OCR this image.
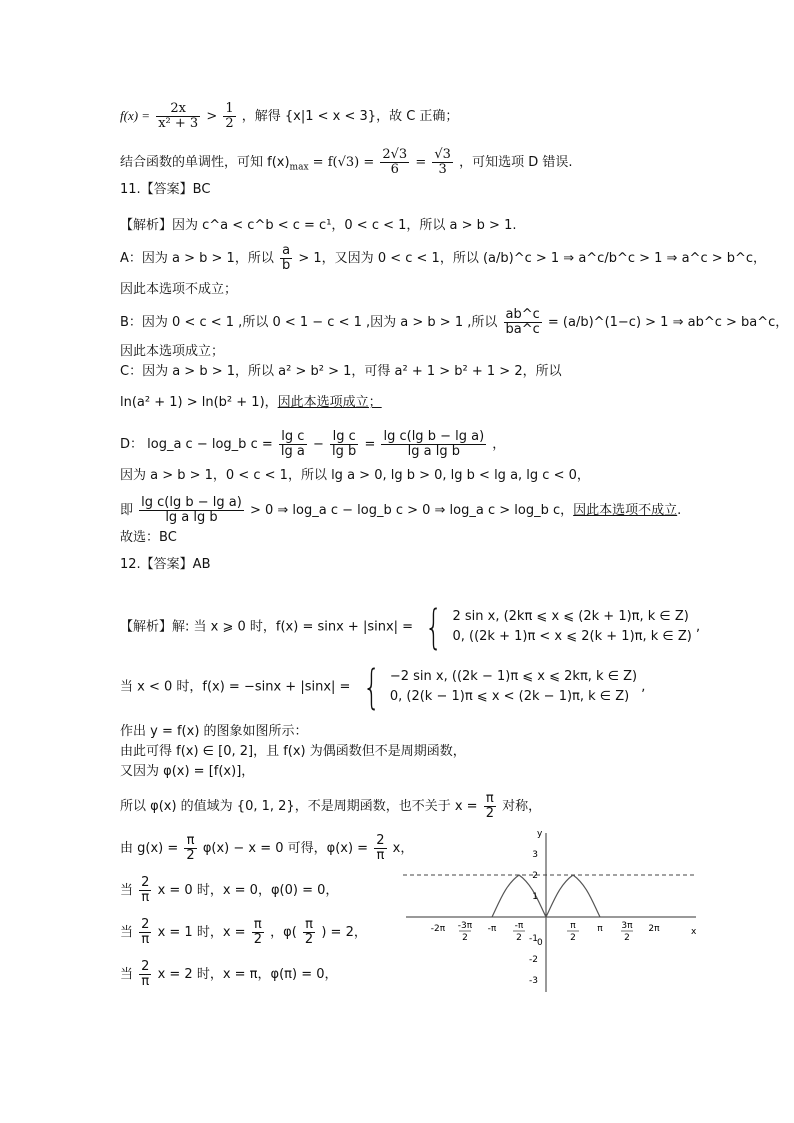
$f(x) = \frac{2x}{\text{x² + 3}} > \frac{1}{2}$ ，解得 {x|1 < x < 3}，故 C 正确；
结合函数的单调性，可知 $f(x)_{max} = f(√3) = \frac{2√3}{6} = \frac{√3}{3}$ ，可知选项 D 错误.
11.【答案】BC
【解析】因为 c^a < c^b < c = c¹，0 < c < 1，所以 a > b > 1.
A：因为 a > b > 1，所以 $\frac{a}{b} > 1$，又因为 0 < c < 1，所以 (a/b)^c > 1 ⇒ a^c/b^c > 1 ⇒ a^c > b^c，
因此本选项不成立；
B：因为 0 < c < 1 ,所以 0 < 1 − c < 1 ,因为 a > b > 1 ,所以 $\frac{ab\^{}c}{ba\^{}c}$ = (a/b)^(1−c) > 1 ⇒ ab^c > ba^c，
因此本选项成立；
C：因为 a > b > 1，所以 a² > b² > 1，可得 a² + 1 > b² + 1 > 2，所以
ln(a² + 1) > ln(b² + 1)，因此本选项成立；
D： log_a c − log_b $c = \frac{\text{lg c}}{\text{lg a}} - \frac{\text{lg c}}{\text{lg b}} = \frac{\text{lg c(lg b − lg a)}}{\text{lg a lg b}}$ ，
因为 a > b > 1，0 < c < 1，所以 lg a > 0, lg b > 0, lg b < lg a, lg c < 0，
即 $\frac{\text{lg c(lg b − lg a)}}{\text{lg a lg b}} > 0$ ⇒ log_a c − log_b c > 0 ⇒ log_a c > log_b c，因此本选项不成立.
故选：BC
12.【答案】AB
【解析】解: 当 x ⩾ 0 时，f(x) = sinx + |sinx| = { 2 sin x, (2kπ ⩽ x ⩽ (2k + 1)π, k ∈ Z)
0, ((2k + 1)π < x ⩽ 2(k + 1)π, k ∈ Z)
,
当 x < 0 时，f(x) = −sinx + |sinx| = { −2 sin x, ((2k − 1)π ⩽ x ⩽ 2kπ, k ∈ Z)
0, (2(k − 1)π ⩽ x < (2k − 1)π, k ∈ Z)
,
作出 y = f(x) 的图象如图所示：
由此可得 f(x) ∈ [0, 2]，且 f(x) 为偶函数但不是周期函数，
又因为 φ(x) = [f(x)]，
所以 φ(x) 的值域为 {0, 1, 2}，不是周期函数，也不关于 $x = \frac{\pi}{2}$ 对称，
由 $g(x) = \frac{\pi}{2} \varphi(x) - x = 0$ 可得，$\varphi(x) = \frac{2}{\pi}$ x，
当 $\frac{2}{\pi}$ x = 0 时，x = 0，φ(0) = 0，
当 $\frac{2}{\pi}$ x = 1 时，$x = \frac{\pi}{2}$ ，$\varphi( \frac{\pi}{2}$ ) = 2，
当 $\frac{2}{\pi}$ x = 2 时，x = π，φ(π) = 0，
y
x
0
3
2
1
-1
-2
-3
-2π -3π
2
-π -π
2
π
2
π 3π
2
2π
